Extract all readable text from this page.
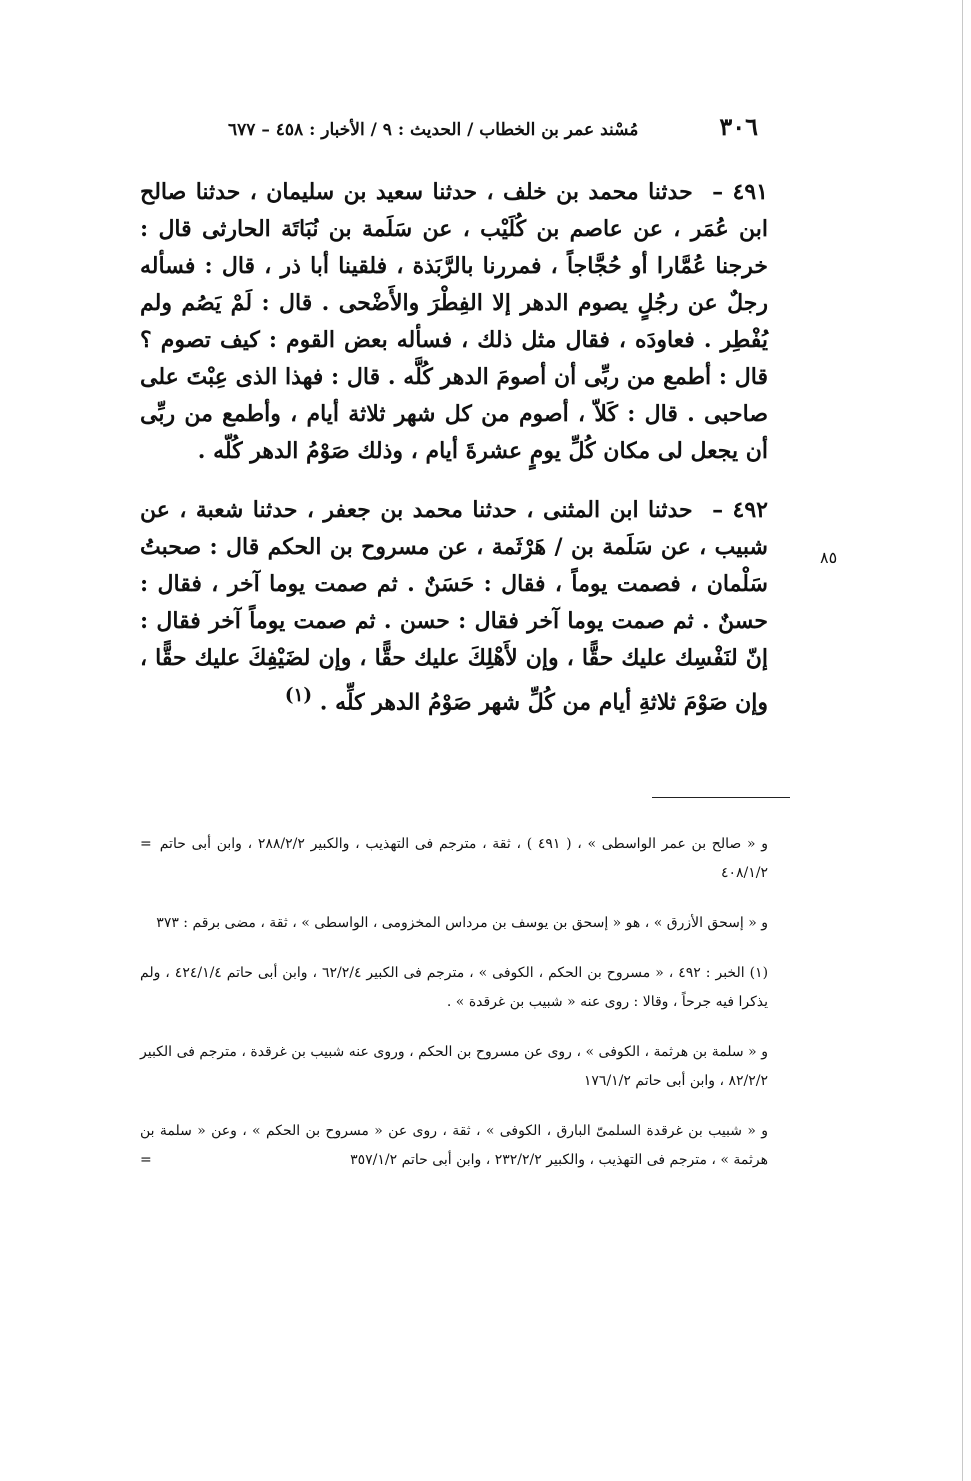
٣٠٦
مُسْند عمر بن الخطاب / الحديث : ٩ / الأخبار : ٤٥٨ – ٦٧٧

٤٩١ – حدثنا محمد بن خلف ، حدثنا سعيد بن سليمان ، حدثنا صالح ابن عُمَر ، عن عاصم بن كُلَيْب ، عن سَلَمة بن نُبَاتَة الحارثى قال : خرجنا عُمَّارا أو حُجَّاجاً ، فمررنا بالرَّبَذة ، فلقينا أبا ذر ، قال : فسأله رجلٌ عن رجُلٍ يصوم الدهر إلا الفِطْرَ والأَضْحى . قال : لَمْ يَصُم ولم يُفْطِر . فعاودَه ، فقال مثل ذلك ، فسأله بعض القوم : كيف تصوم ؟ قال : أطمع من ربِّى أن أصومَ الدهر كُلَّه . قال : فهذا الذى عِبْتَ على صاحبى . قال : كَلاّ ، أصوم من كل شهر ثلاثة أيام ، وأطمع من ربِّى أن يجعل لى مكان كُلِّ يومٍ عشرةَ أيام ، وذلك صَوْمُ الدهر كُلّه .

٤٩٢ – حدثنا ابن المثنى ، حدثنا محمد بن جعفر ، حدثنا شعبة ، عن شبيب ، عن سَلَمة بن / هَرْثَمة ، عن مسروح بن الحكم قال : صحبتُ سَلْمان ، فصمت يوماً ، فقال : حَسَنٌ . ثم صمت يوما آخر ، فقال : حسنٌ . ثم صمت يوما آخر فقال : حسن . ثم صمت يوماً آخر فقال : إنّ لنَفْسِك عليك حقًّا ، وإن لأَهْلِكَ عليك حقًّا ، وإن لضَيْفِكَ عليك حقًّا ، وإن صَوْمَ ثلاثةِ أيام من كُلِّ شهر صَوْمُ الدهر كلِّه . $^{(١)}$

٨٥

= و « صالح بن عمر الواسطى » ، ( ٤٩١ ) ، ثقة ، مترجم فى التهذيب ، والكبير ٢٨٨/٢/٢ ، وابن أبى حاتم ٤٠٨/١/٢

و « إسحق الأزرق » ، هو « إسحق بن يوسف بن مرداس المخزومى ، الواسطى » ، ثقة ، مضى برقم : ٣٧٣

(١) الخبر : ٤٩٢ ، « مسروح بن الحكم ، الكوفى » ، مترجم فى الكبير ٦٢/٢/٤ ، وابن أبى حاتم ٤٢٤/١/٤ ، ولم يذكرا فيه جرحاً ، وقالا : روى عنه « شبيب بن غرقدة » .

و « سلمة بن هرثمة ، الكوفى » ، روى عن مسروح بن الحكم ، وروى عنه شبيب بن غرقدة ، مترجم فى الكبير ٨٢/٢/٢ ، وابن أبى حاتم ١٧٦/١/٢

و « شبيب بن غرقدة السلمىّ البارق ، الكوفى » ، ثقة ، روى عن « مسروح بن الحكم » ، وعن « سلمة بن هرثمة » ، مترجم فى التهذيب ، والكبير ٢٣٢/٢/٢ ، وابن أبى حاتم ٣٥٧/١/٢
=
